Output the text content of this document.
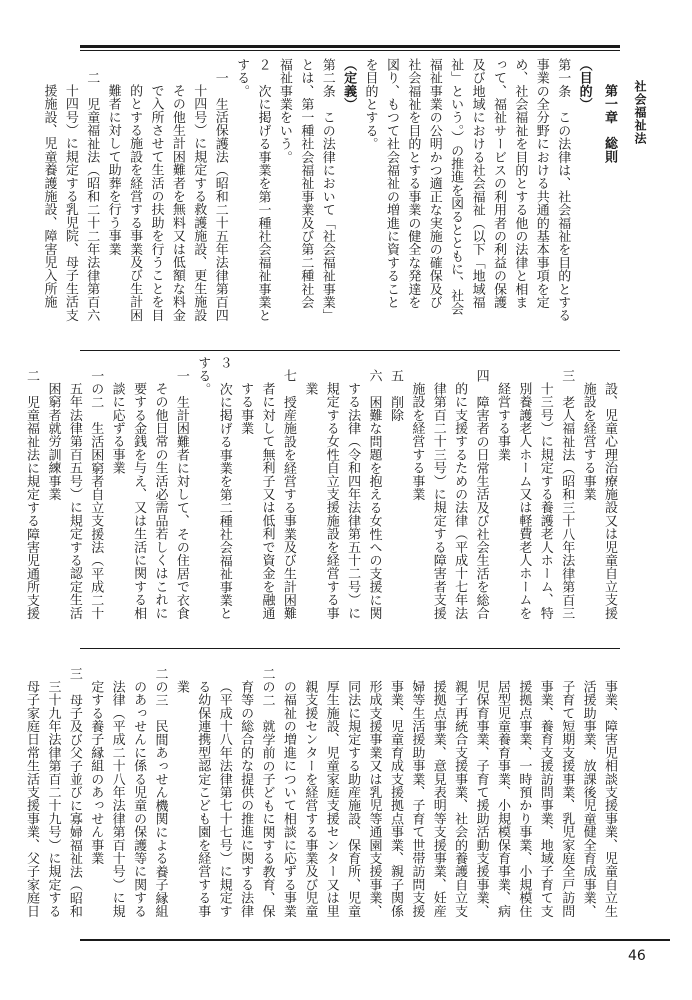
社会福祉法
第一章　総則
（目的）
第一条　この法律は、社会福祉を目的とする
事業の全分野における共通的基本事項を定
め、社会福祉を目的とする他の法律と相ま
って、福祉サービスの利用者の利益の保護
及び地域における社会福祉（以下「地域福
祉」という。）の推進を図るとともに、社会
福祉事業の公明かつ適正な実施の確保及び
社会福祉を目的とする事業の健全な発達を
図り、もつて社会福祉の増進に資すること
を目的とする。
（定義）
第二条　この法律において「社会福祉事業」
とは、第一種社会福祉事業及び第二種社会
福祉事業をいう。
２　次に掲げる事業を第一種社会福祉事業と
する。
一　生活保護法（昭和二十五年法律第百四
十四号）に規定する救護施設、更生施設
その他生計困難者を無料又は低額な料金
で入所させて生活の扶助を行うことを目
的とする施設を経営する事業及び生計困
難者に対して助葬を行う事業
二　児童福祉法（昭和二十二年法律第百六
十四号）に規定する乳児院、母子生活支
援施設、児童養護施設、障害児入所施
設、児童心理治療施設又は児童自立支援
施設を経営する事業
三　老人福祉法（昭和三十八年法律第百三
十三号）に規定する養護老人ホーム、特
別養護老人ホーム又は軽費老人ホームを
経営する事業
四　障害者の日常生活及び社会生活を総合
的に支援するための法律（平成十七年法
律第百二十三号）に規定する障害者支援
施設を経営する事業
五　削除
六　困難な問題を抱える女性への支援に関
する法律（令和四年法律第五十二号）に
規定する女性自立支援施設を経営する事
業
七　授産施設を経営する事業及び生計困難
者に対して無利子又は低利で資金を融通
する事業
３　次に掲げる事業を第二種社会福祉事業と
する。
一　生計困難者に対して、その住居で衣食
その他日常の生活必需品若しくはこれに
要する金銭を与え、又は生活に関する相
談に応ずる事業
一の二　生活困窮者自立支援法（平成二十
五年法律第百五号）に規定する認定生活
困窮者就労訓練事業
二　児童福祉法に規定する障害児通所支援
事業、障害児相談支援事業、児童自立生
活援助事業、放課後児童健全育成事業、
子育て短期支援事業、乳児家庭全戸訪問
事業、養育支援訪問事業、地域子育て支
援拠点事業、一時預かり事業、小規模住
居型児童養育事業、小規模保育事業、病
児保育事業、子育て援助活動支援事業、
親子再統合支援事業、社会的養護自立支
援拠点事業、意見表明等支援事業、妊産
婦等生活援助事業、子育て世帯訪問支援
事業、児童育成支援拠点事業、親子関係
形成支援事業又は乳児等通園支援事業、
同法に規定する助産施設、保育所、児童
厚生施設、児童家庭支援センター又は里
親支援センターを経営する事業及び児童
の福祉の増進について相談に応ずる事業
二の二　就学前の子どもに関する教育、保
育等の総合的な提供の推進に関する法律
（平成十八年法律第七十七号）に規定す
る幼保連携型認定こども園を経営する事
業
二の三　民間あっせん機関による養子縁組
のあっせんに係る児童の保護等に関する
法律（平成二十八年法律第百十号）に規
定する養子縁組のあっせん事業
三　母子及び父子並びに寡婦福祉法（昭和
三十九年法律第百二十九号）に規定する
母子家庭日常生活支援事業、父子家庭日
46
